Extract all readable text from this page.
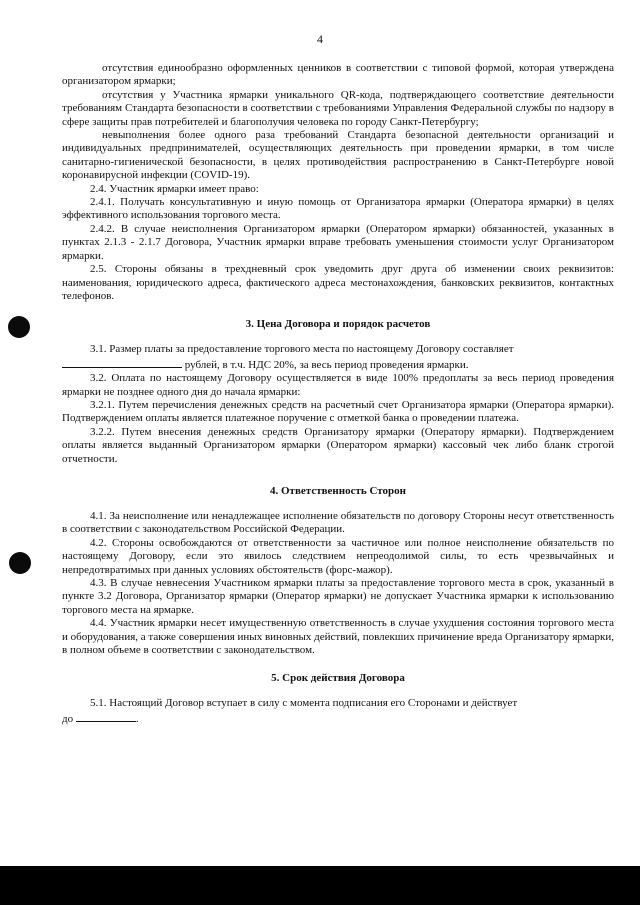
4

отсутствия единообразно оформленных ценников в соответствии с типовой формой, которая утверждена организатором ярмарки;

отсутствия у Участника ярмарки уникального QR-кода, подтверждающего соответствие деятельности требованиям Стандарта безопасности в соответствии с требованиями Управления Федеральной службы по надзору в сфере защиты прав потребителей и благополучия человека по городу Санкт-Петербургу;

невыполнения более одного раза требований Стандарта безопасной деятельности организаций и индивидуальных предпринимателей, осуществляющих деятельность при проведении ярмарки, в том числе санитарно-гигиенической безопасности, в целях противодействия распространению в Санкт-Петербурге новой коронавирусной инфекции (COVID-19).

2.4. Участник ярмарки имеет право:

2.4.1. Получать консультативную и иную помощь от Организатора ярмарки (Оператора ярмарки) в целях эффективного использования торгового места.

2.4.2. В случае неисполнения Организатором ярмарки (Оператором ярмарки) обязанностей, указанных в пунктах 2.1.3 - 2.1.7 Договора, Участник ярмарки вправе требовать уменьшения стоимости услуг Организатором ярмарки.

2.5. Стороны обязаны в трехдневный срок уведомить друг друга об изменении своих реквизитов: наименования, юридического адреса, фактического адреса местонахождения, банковских реквизитов, контактных телефонов.

3. Цена Договора и порядок расчетов

3.1. Размер платы за предоставление торгового места по настоящему Договору составляет
рублей, в т.ч. НДС 20%, за весь период проведения ярмарки.

3.2. Оплата по настоящему Договору осуществляется в виде 100% предоплаты за весь период проведения ярмарки не позднее одного дня до начала ярмарки:

3.2.1. Путем перечисления денежных средств на расчетный счет Организатора ярмарки (Оператора ярмарки). Подтверждением оплаты является платежное поручение с отметкой банка о проведении платежа.

3.2.2. Путем внесения денежных средств Организатору ярмарки (Оператору ярмарки). Подтверждением оплаты является выданный Организатором ярмарки (Оператором ярмарки) кассовый чек либо бланк строгой отчетности.

4. Ответственность Сторон

4.1. За неисполнение или ненадлежащее исполнение обязательств по договору Стороны несут ответственность в соответствии с законодательством Российской Федерации.

4.2. Стороны освобождаются от ответственности за частичное или полное неисполнение обязательств по настоящему Договору, если это явилось следствием непреодолимой силы, то есть чрезвычайных и непредотвратимых при данных условиях обстоятельств (форс-мажор).

4.3. В случае невнесения Участником ярмарки платы за предоставление торгового места в срок, указанный в пункте 3.2 Договора, Организатор ярмарки (Оператор ярмарки) не допускает Участника ярмарки к использованию торгового места на ярмарке.

4.4. Участник ярмарки несет имущественную ответственность в случае ухудшения состояния торгового места и оборудования, а также совершения иных виновных действий, повлекших причинение вреда Организатору ярмарки, в полном объеме в соответствии с законодательством.

5. Срок действия Договора

5.1. Настоящий Договор вступает в силу с момента подписания его Сторонами и действует

до	.
